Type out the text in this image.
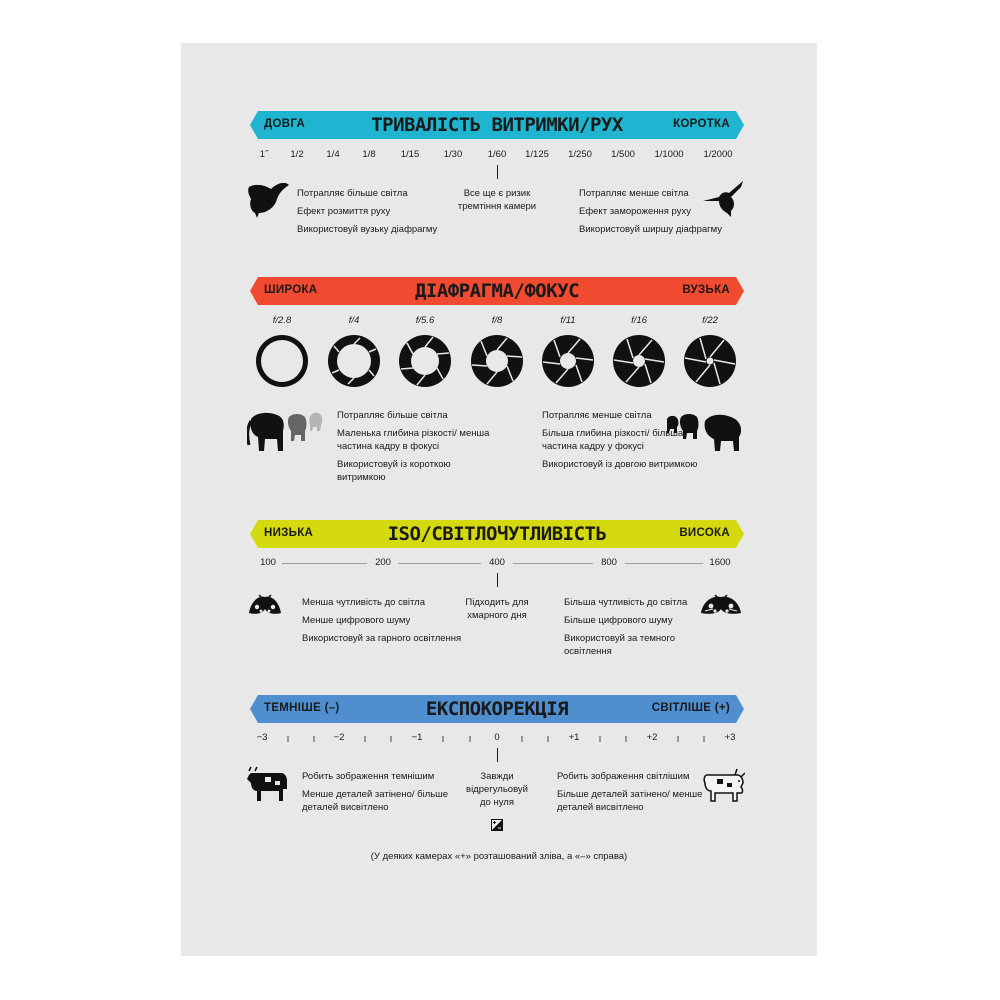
ДОВГА	ТРИВАЛІСТЬ ВИТРИМКИ/РУХ	КОРОТКА
1˝ 1/2 1/4 1/8	1/15	1/30	1/60 1/125 1/250 1/500 1/1000 1/2000
Потрапляє більше світла
Ефект розмиття руху
Використовуй вузьку діафрагму
Все ще є ризик
тремтіння камери
Потрапляє менше світла
Ефект замороження руху
Використовуй ширшу діафрагму
ШИРОКА	ДІАФРАГМА/ФОКУС	ВУЗЬКА
f/2.8	f/4	f/5.6	f/8	f/11	f/16	f/22
Потрапляє більше світла
Маленька глибина різкості/ менша частина кадру в фокусі
Використовуй із короткою витримкою
Потрапляє менше світла
Більша глибина різкості/ більша частина кадру у фокусі
Використовуй із довгою витримкою
НИЗЬКА	ISO/СВІТЛОЧУТЛИВІСТЬ	ВИСОКА
100	200	400	800	1600
Менша чутливість до світла
Менше цифрового шуму
Використовуй за гарного освітлення
Підходить для
хмарного дня
Більша чутливість до світла
Більше цифрового шуму
Використовуй за темного освітлення
ТЕМНІШЕ (–)	ЕКСПОКОРЕКЦІЯ	СВІТЛІШЕ (+)
−3	−2	−1	0	+1	+2	+3
Робить зображення темнішим
Менше деталей затінено/ більше деталей висвітлено
Завжди
відрегульовуй
до нуля
Робить зображення світлішим
Більше деталей затінено/ менше деталей висвітлено
(У деяких камерах «+» розташований зліва, а «–» справа)
